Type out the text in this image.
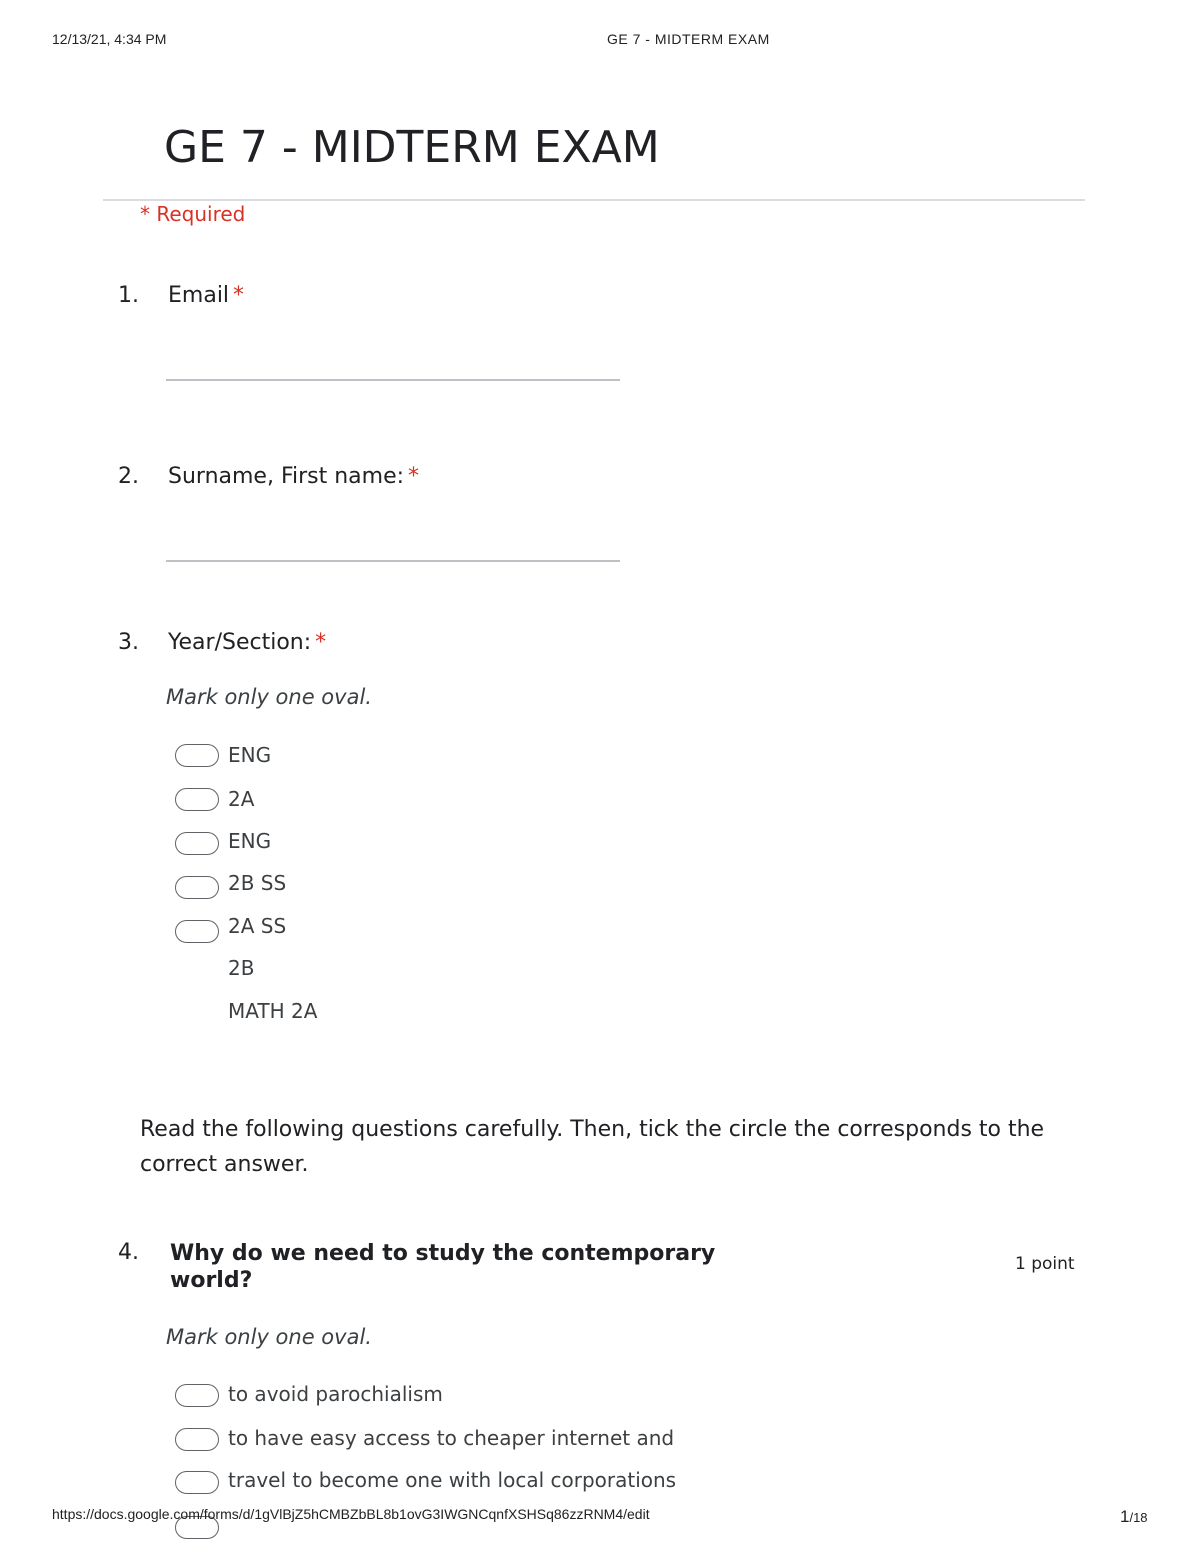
12/13/21, 4:34 PM	GE 7 - MIDTERM EXAM
GE 7 - MIDTERM EXAM
* Required
1. Email *
2. Surname, First name: *
3. Year/Section: *
Mark only one oval.
ENG
2A
ENG
2B SS
2A SS
2B
MATH 2A
Read the following questions carefully. Then, tick the circle the corresponds to the correct answer.
4. Why do we need to study the contemporary world?
1 point
Mark only one oval.
to avoid parochialism
to have easy access to cheaper internet and
travel to become one with local corporations
https://docs.google.com/forms/d/1gVlBjZ5hCMBZbBL8b1ovG3IWGNCqnfXSHSq86zzRNM4/edit	1/18
